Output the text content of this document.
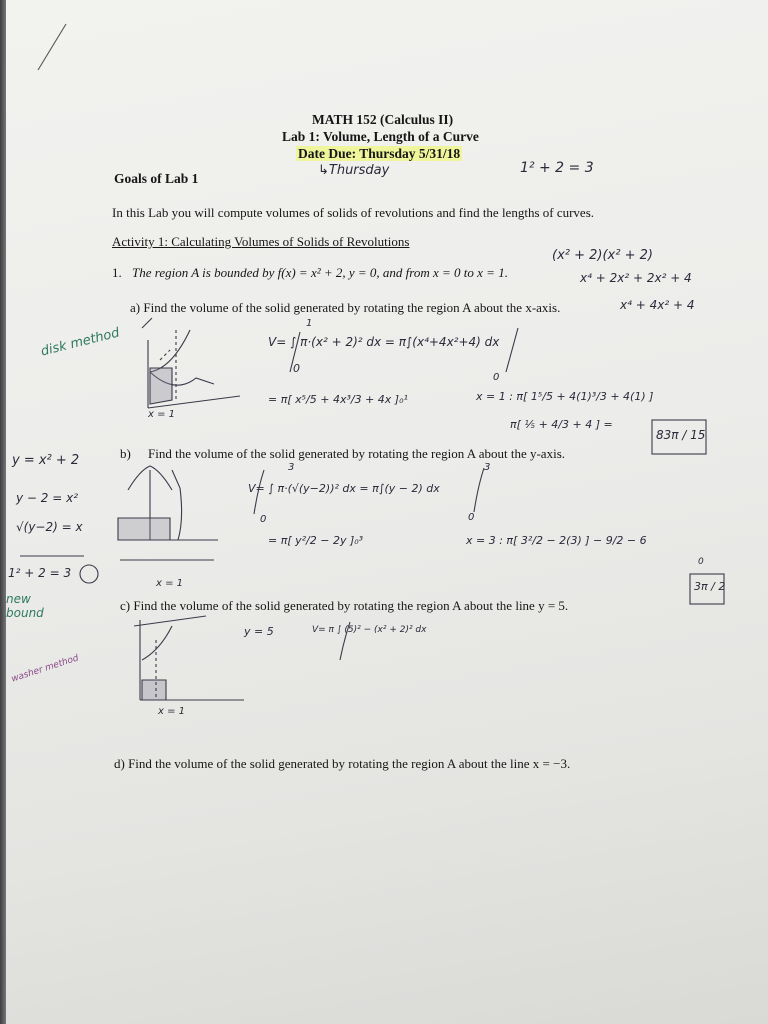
MATH 152 (Calculus II)
Lab 1: Volume, Length of a Curve
Date Due: Thursday 5/31/18
Goals of Lab 1
↳Thursday	1² + 2 = 3
In this Lab you will compute volumes of solids of revolutions and find the lengths of curves.
Activity 1: Calculating Volumes of Solids of Revolutions
(x² + 2)(x² + 2)
1. The region A is bounded by f(x) = x² + 2, y = 0, and from x = 0 to x = 1.	x⁴ + 2x² + 2x² + 4
x⁴ + 4x² + 4
a) Find the volume of the solid generated by rotating the region A about the x-axis.
disk method	V= ∫ π·(x² + 2)² dx = π∫(x⁴+4x²+4) dx
1
0
0
= π[ x⁵/5 + 4x³/3 + 4x ]₀¹	x = 1 : π[ 1⁵/5 + 4(1)³/3 + 4(1) ]
π[ ⅕ + 4/3 + 4 ] =
83π / 15
x = 1
b) Find the volume of the solid generated by rotating the region A about the y-axis.
y = x² + 2
y − 2 = x²
√(y−2) = x
V= ∫ π·(√(y−2))² dx = π∫(y − 2) dx
3
0
3
0
= π[ y²/2 − 2y ]₀³	x = 3 : π[ 3²/2 − 2(3) ] − 9/2 − 6
0
3π / 2
x = 1
1² + 2 = 3
new bound	c) Find the volume of the solid generated by rotating the region A about the line y = 5.
y = 5	V= π ∫ (5)² − (x² + 2)² dx
washer method
x = 1
d) Find the volume of the solid generated by rotating the region A about the line x = −3.
